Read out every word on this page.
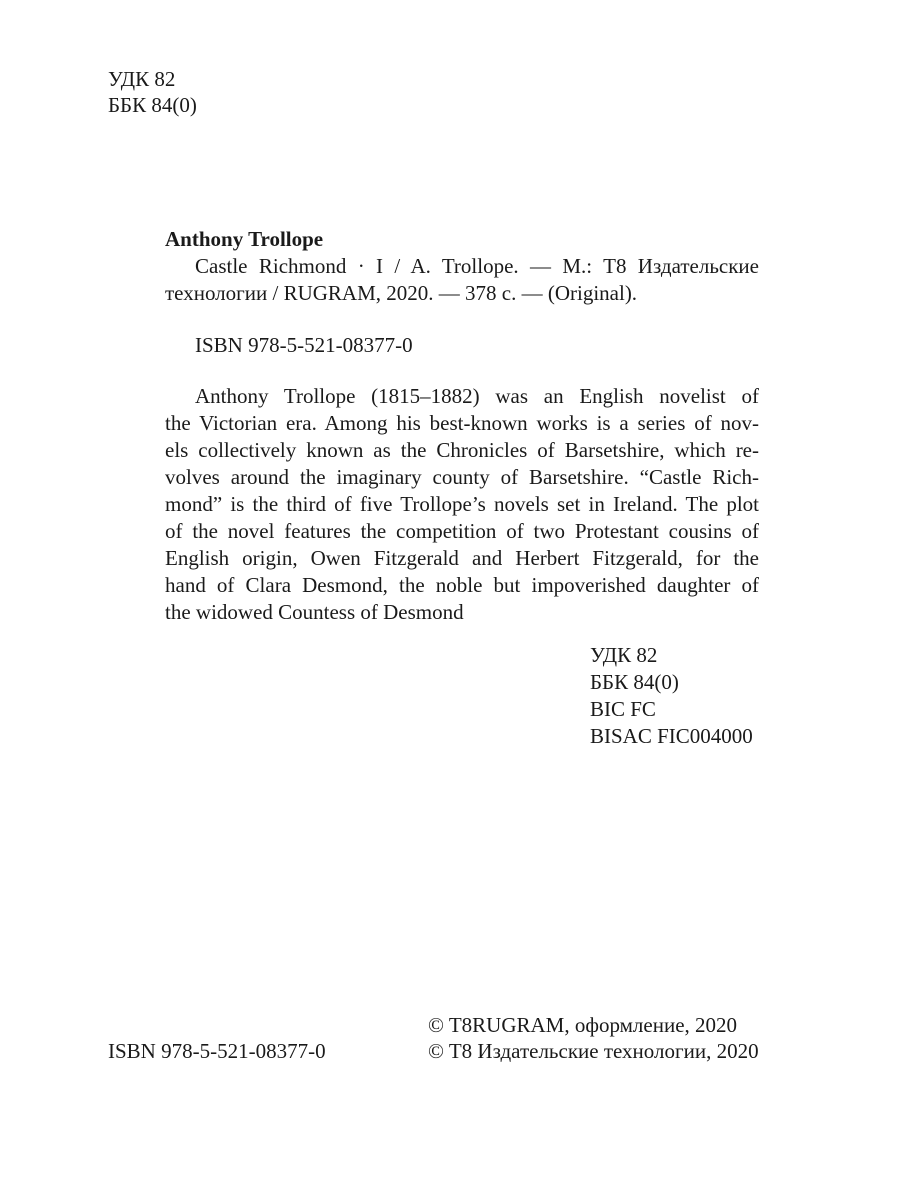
УДК 82
ББК 84(0)
Anthony Trollope
Castle Richmond · I / A. Trollope. — M.: T8 Издательские
технологии / RUGRAM, 2020. — 378 с. — (Original).
ISBN 978-5-521-08377-0
Anthony Trollope (1815–1882) was an English novelist of
the Victorian era. Among his best-known works is a series of nov-
els collectively known as the Chronicles of Barsetshire, which re-
volves around the imaginary county of Barsetshire. “Castle Rich-
mond” is the third of five Trollope’s novels set in Ireland. The plot
of the novel features the competition of two Protestant cousins of
English origin, Owen Fitzgerald and Herbert Fitzgerald, for the
hand of Clara Desmond, the noble but impoverished daughter of
the widowed Countess of Desmond
УДК 82
ББК 84(0)
BIC FC
BISAC FIC004000
ISBN 978-5-521-08377-0
© T8RUGRAM, оформление, 2020
© T8 Издательские технологии, 2020
